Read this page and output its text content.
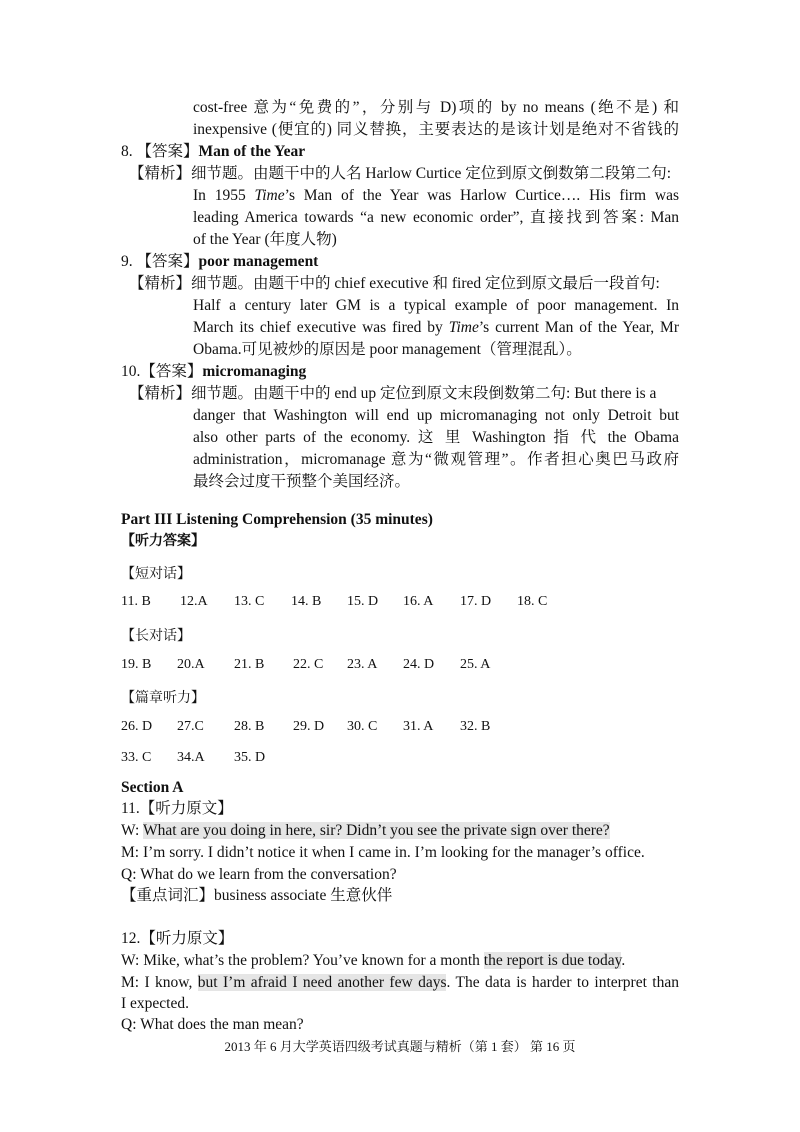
cost-free 意为“免费的”，分别与 D)项的 by no means (绝不是) 和
inexpensive (便宜的) 同义替换，主要表达的是该计划是绝对不省钱的
8. 【答案】Man of the Year
【精析】细节题。由题干中的人名 Harlow Curtice 定位到原文倒数第二段第二句:
In 1955 Time’s Man of the Year was Harlow Curtice…. His firm was
leading America towards “a new economic order”, 直接找到答案: Man
of the Year (年度人物)
9. 【答案】poor management
【精析】细节题。由题干中的 chief executive 和 fired 定位到原文最后一段首句:
Half a century later GM is a typical example of poor management. In
March its chief executive was fired by Time’s current Man of the Year, Mr
Obama.可见被炒的原因是 poor management（管理混乱）。
10.【答案】micromanaging
【精析】细节题。由题干中的 end up 定位到原文末段倒数第二句: But there is a
danger that Washington will end up micromanaging not only Detroit but
also other parts of the economy. 这 里 Washington 指 代 the Obama
administration，micromanage 意为“微观管理”。作者担心奥巴马政府
最终会过度干预整个美国经济。
Part III Listening Comprehension (35 minutes)
【听力答案】
【短对话】
11. B 12.A 13. C 14. B 15. D 16. A 17. D 18. C
【长对话】
19. B 20.A 21. B 22. C 23. A 24. D 25. A
【篇章听力】
26. D 27.C 28. B 29. D 30. C 31. A 32. B
33. C 34.A 35. D
Section A
11.【听力原文】
W: What are you doing in here, sir? Didn’t you see the private sign over there?
M: I’m sorry. I didn’t notice it when I came in. I’m looking for the manager’s office.
Q: What do we learn from the conversation?
【重点词汇】business associate 生意伙伴
12.【听力原文】
W: Mike, what’s the problem? You’ve known for a month the report is due today.
M: I know, but I’m afraid I need another few days. The data is harder to interpret than
I expected.
Q: What does the man mean?
2013 年 6 月大学英语四级考试真题与精析（第 1 套） 第 16 页
